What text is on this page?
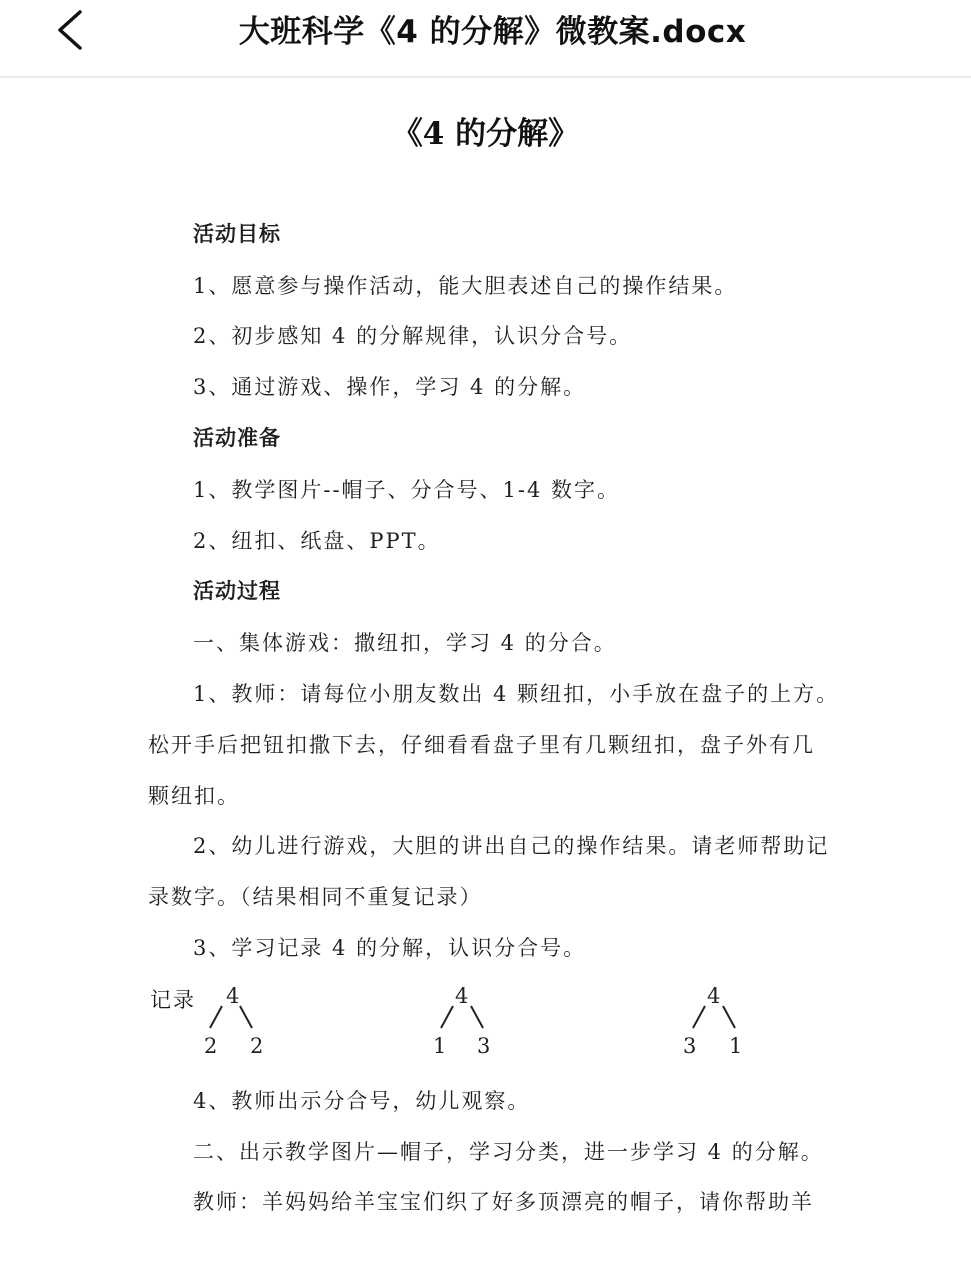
大班科学《4 的分解》微教案.docx
《4 的分解》
活动目标
1、愿意参与操作活动，能大胆表述自己的操作结果。
2、初步感知 4 的分解规律，认识分合号。
3、通过游戏、操作，学习 4 的分解。
活动准备
1、教学图片--帽子、分合号、1-4 数字。
2、纽扣、纸盘、PPT。
活动过程
一、集体游戏：撒纽扣，学习 4 的分合。
1、教师：请每位小朋友数出 4 颗纽扣，小手放在盘子的上方。
松开手后把钮扣撒下去，仔细看看盘子里有几颗纽扣，盘子外有几
颗纽扣。
2、幼儿进行游戏，大胆的讲出自己的操作结果。请老师帮助记
录数字。（结果相同不重复记录）
3、学习记录 4 的分解，认识分合号。
记录 4
2 2
4
1 3
4
3 1
4、教师出示分合号，幼儿观察。
二、出示教学图片—帽子，学习分类，进一步学习 4 的分解。
教师：羊妈妈给羊宝宝们织了好多顶漂亮的帽子，请你帮助羊
